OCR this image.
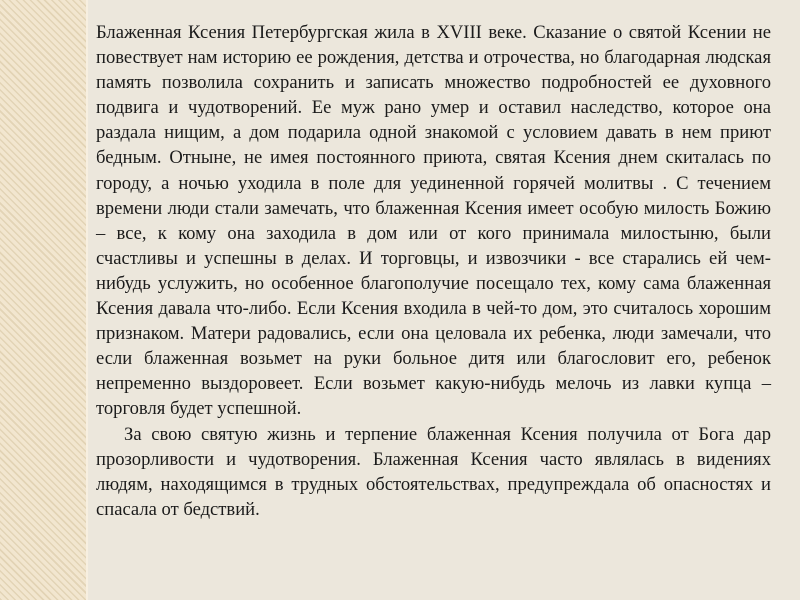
Блаженная Ксения Петербургская жила в XVIII веке. Сказание о святой Ксении не повествует нам историю ее рождения, детства и отрочества, но благодарная людская память позволила сохранить и записать множество подробностей ее духовного подвига и чудотворений. Ее муж рано умер и оставил наследство, которое она раздала нищим, а дом подарила одной знакомой с условием давать в нем приют бедным. Отныне, не имея постоянного приюта, святая Ксения днем скиталась по городу, а ночью уходила в поле для уединенной горячей молитвы . С течением времени люди стали замечать, что блаженная Ксения имеет особую милость Божию – все, к кому она заходила в дом или от кого принимала милостыню, были счастливы и успешны в делах. И торговцы, и извозчики - все старались ей чем-нибудь услужить, но особенное благополучие посещало тех, кому сама блаженная Ксения давала что-либо. Если Ксения входила в чей-то дом, это считалось хорошим признаком. Матери радовались, если она целовала их ребенка, люди замечали, что если блаженная возьмет на руки больное дитя или благословит его, ребенок непременно выздоровеет. Если возьмет какую-нибудь мелочь из лавки купца – торговля будет успешной.

За свою святую жизнь и терпение блаженная Ксения получила от Бога дар прозорливости и чудотворения. Блаженная Ксения часто являлась в видениях людям, находящимся в трудных обстоятельствах, предупреждала об опасностях и спасала от бедствий.
